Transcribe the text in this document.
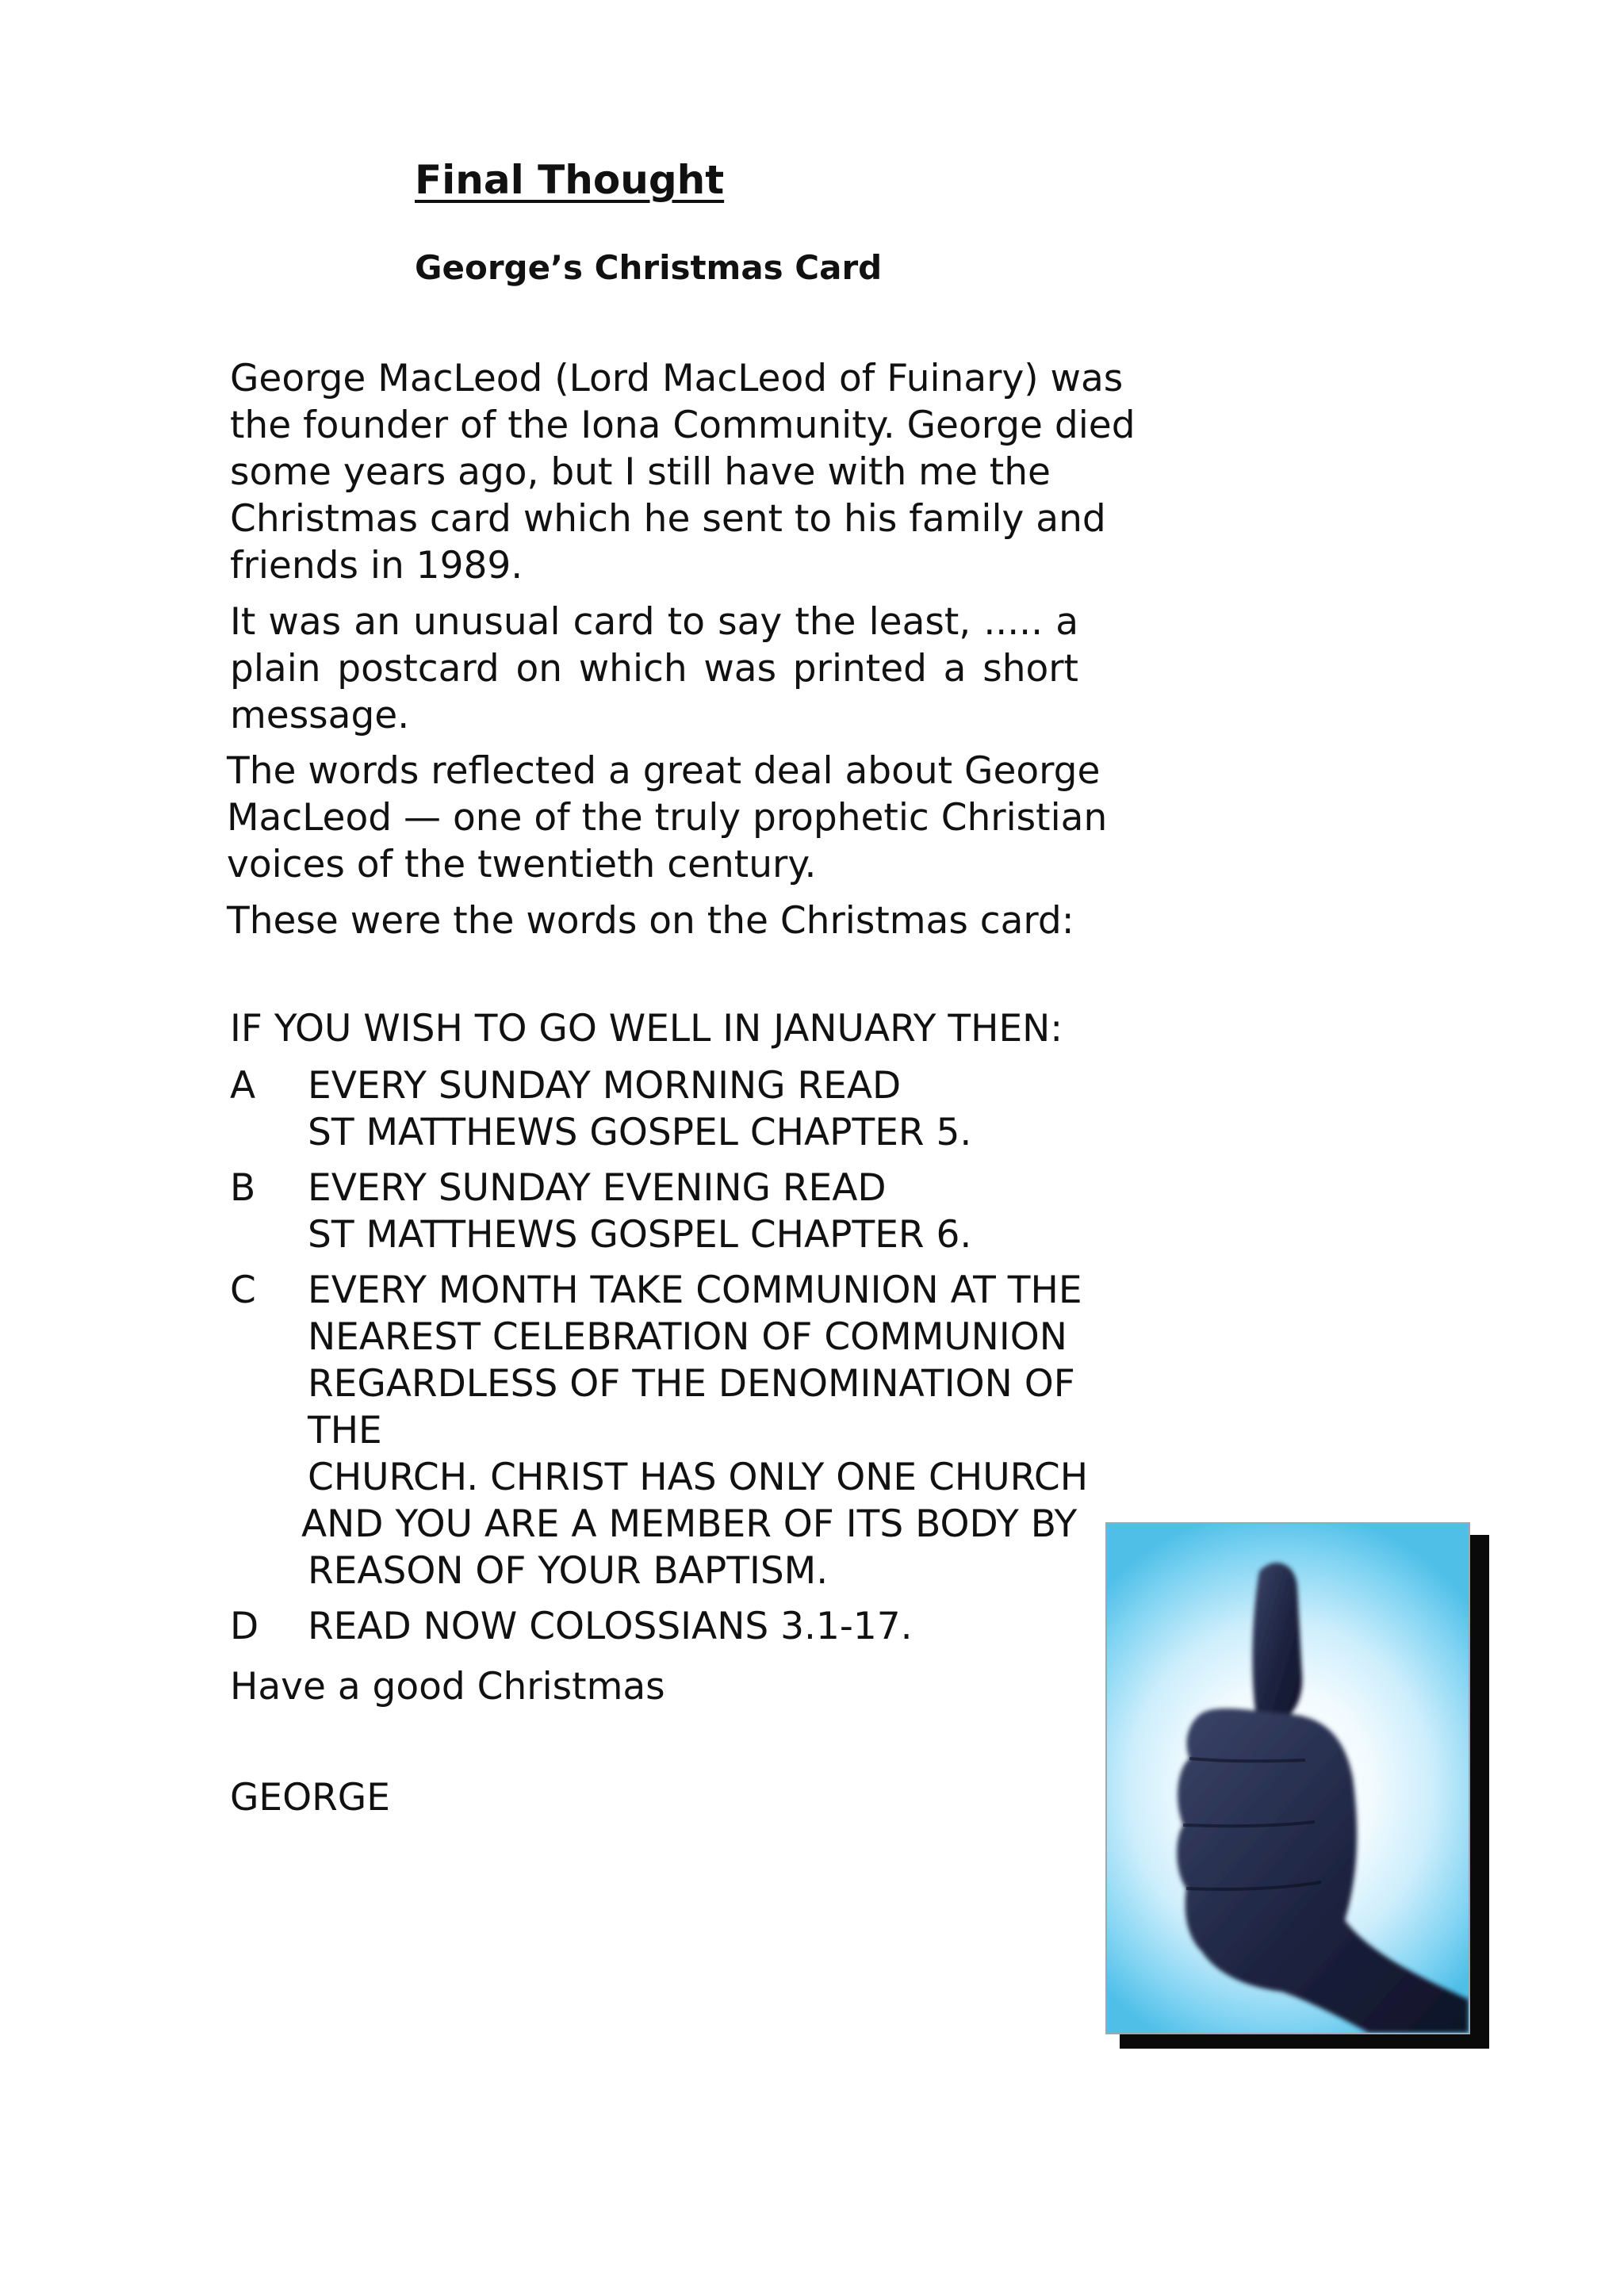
Final Thought
George’s Christmas Card

George MacLeod (Lord MacLeod of Fuinary) was the founder of the Iona Community. George died some years ago, but I still have with me the Christmas card which he sent to his family and friends in 1989.

It was an unusual card to say the least, ..... a plain postcard on which was printed a short message.

The words reflected a great deal about George MacLeod — one of the truly prophetic Christian voices of the twentieth century.

These were the words on the Christmas card:

IF YOU WISH TO GO WELL IN JANUARY THEN:

A	EVERY SUNDAY MORNING READ
ST MATTHEWS GOSPEL CHAPTER 5.
B	EVERY SUNDAY EVENING READ
ST MATTHEWS GOSPEL CHAPTER 6.
C	EVERY MONTH TAKE COMMUNION AT THE
NEAREST CELEBRATION OF COMMUNION
REGARDLESS OF THE DENOMINATION OF THE
CHURCH. CHRIST HAS ONLY ONE CHURCH
AND YOU ARE A MEMBER OF ITS BODY BY
REASON OF YOUR BAPTISM.
D	READ NOW COLOSSIANS 3.1-17.

Have a good Christmas

GEORGE
